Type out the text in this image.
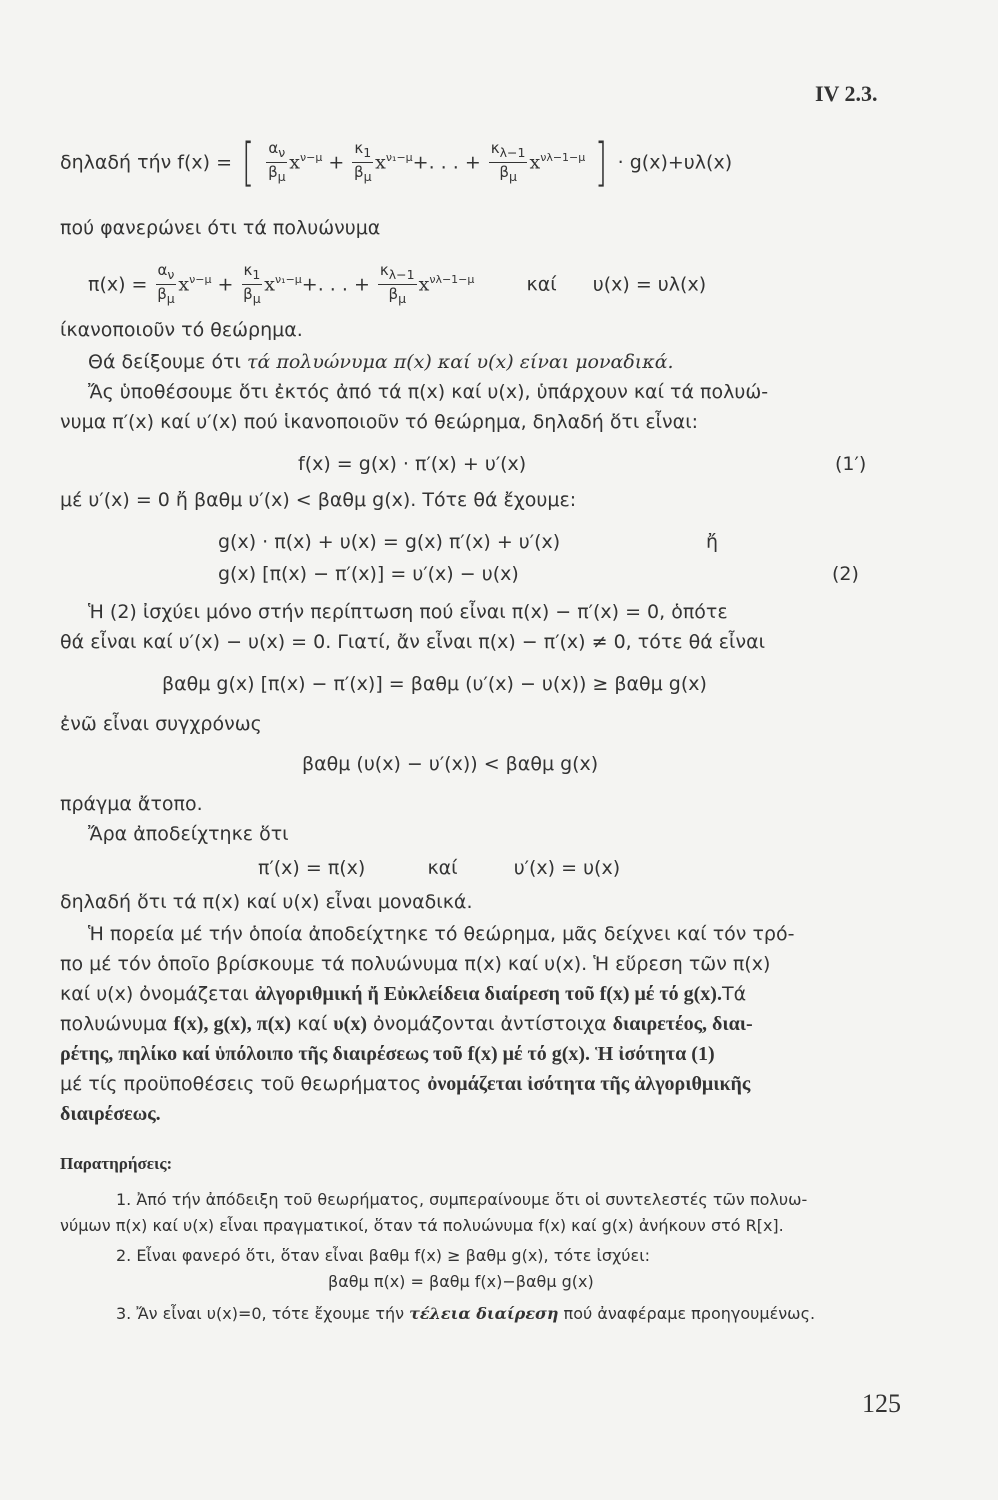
IV 2.3.
δηλαδή τήν f(x) = [ $\frac{\alpha_\nu}{\beta_\mu} x^{\nu-\mu} + \frac{\kappa_1}{\beta_\mu} x^{\nu_1-\mu}+$. . . + $\frac{\kappa_{\lambda-1}}{\beta_\mu} x^{\nu\lambda-1-\mu}$ ] · g(x)+υλ(x)
πού φανερώνει ότι τά πολυώνυμα
$\pi(x) = \frac{\alpha_\nu}{\beta_\mu} x^{\nu-\mu} + \frac{\kappa_1}{\beta_\mu} x^{\nu_1-\mu}+$. . . + $\frac{\kappa_{\lambda-1}}{\beta_\mu} x^{\nu\lambda-1-\mu}$	καί υ(x) = υλ(x)
ίκανοποιοῦν τό θεώρημα.
Θά δείξουμε ότι τά πολυώνυμα π(x) καί υ(x) είναι μοναδικά.
Ἄς ὑποθέσουμε ὅτι ἐκτός ἀπό τά π(x) καί υ(x), ὑπάρχουν καί τά πολυώ-
νυμα π′(x) καί υ′(x) πού ἱκανοποιοῦν τό θεώρημα, δηλαδή ὅτι εἶναι:
f(x) = g(x) · π′(x) + υ′(x)	(1′)
μέ υ′(x) = 0 ἤ βαθμ υ′(x) < βαθμ g(x). Τότε θά ἔχουμε:
g(x) · π(x) + υ(x) = g(x) π′(x) + υ′(x)	ἤ
g(x) [π(x) − π′(x)] = υ′(x) − υ(x)	(2)
Ἡ (2) ἰσχύει μόνο στήν περίπτωση πού εἶναι π(x) − π′(x) = 0, ὁπότε
θά εἶναι καί υ′(x) − υ(x) = 0. Γιατί, ἄν εἶναι π(x) − π′(x) ≠ 0, τότε θά εἶναι
βαθμ g(x) [π(x) − π′(x)] = βαθμ (υ′(x) − υ(x)) ≥ βαθμ g(x)
ἐνῶ εἶναι συγχρόνως
βαθμ (υ(x) − υ′(x)) < βαθμ g(x)
πράγμα ἄτοπο.
Ἄρα ἀποδείχτηκε ὅτι
π′(x) = π(x)	καί	υ′(x) = υ(x)
δηλαδή ὅτι τά π(x) καί υ(x) εἶναι μοναδικά.
Ἡ πορεία μέ τήν ὁποία ἀποδείχτηκε τό θεώρημα, μᾶς δείχνει καί τόν τρό-
πο μέ τόν ὁποῖο βρίσκουμε τά πολυώνυμα π(x) καί υ(x). Ἡ εὕρεση τῶν π(x)
καί υ(x) ὀνομάζεται ἀλγοριθμική ἤ Εὐκλείδεια διαίρεση τοῦ f(x) μέ τό g(x).Τά
πολυώνυμα f(x), g(x), π(x) καί υ(x) ὀνομάζονται ἀντίστοιχα διαιρετέος, διαι-
ρέτης, πηλίκο καί ὑπόλοιπο τῆς διαιρέσεως τοῦ f(x) μέ τό g(x). Ἡ ἰσότητα (1)
μέ τίς προϋποθέσεις τοῦ θεωρήματος ὀνομάζεται ἰσότητα τῆς ἀλγοριθμικῆς
διαιρέσεως.
Παρατηρήσεις:
1. Ἀπό τήν ἀπόδειξη τοῦ θεωρήματος, συμπεραίνουμε ὅτι οἱ συντελεστές τῶν πολυω-
νύμων π(x) καί υ(x) εἶναι πραγματικοί, ὅταν τά πολυώνυμα f(x) καί g(x) ἀνήκουν στό R[x].
2. Εἶναι φανερό ὅτι, ὅταν εἶναι βαθμ f(x) ≥ βαθμ g(x), τότε ἰσχύει:
βαθμ π(x) = βαθμ f(x)−βαθμ g(x)
3. Ἄν εἶναι υ(x)=0, τότε ἔχουμε τήν τέλεια διαίρεση πού ἀναφέραμε προηγουμένως.
125
